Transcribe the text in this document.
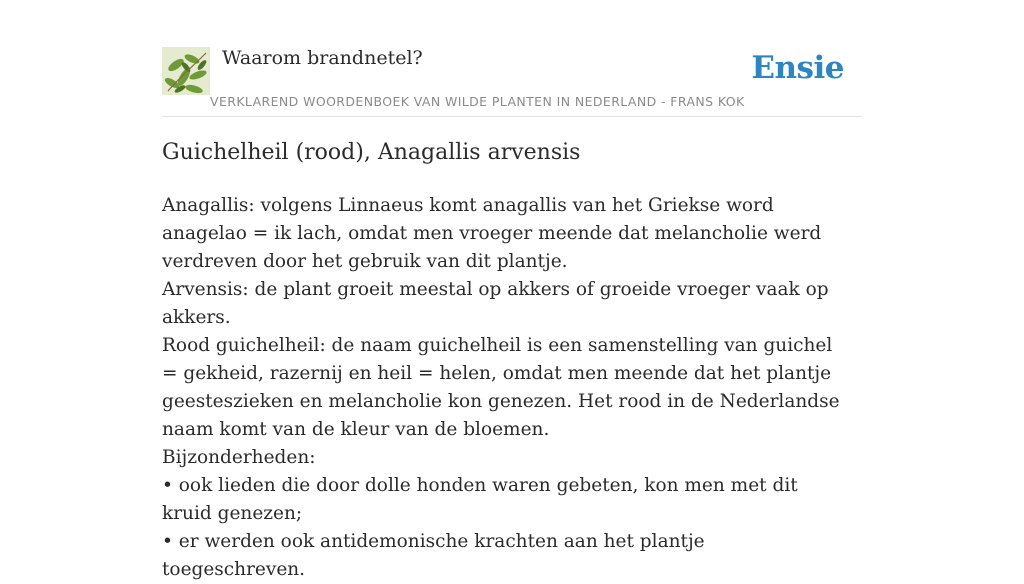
Waarom brandnetel?	Ensie
VERKLAREND WOORDENBOEK VAN WILDE PLANTEN IN NEDERLAND - FRANS KOK
Guichelheil (rood), Anagallis arvensis

Anagallis: volgens Linnaeus komt anagallis van het Griekse word anagelao = ik lach, omdat men vroeger meende dat melancholie werd verdreven door het gebruik van dit plantje.

Arvensis: de plant groeit meestal op akkers of groeide vroeger vaak op akkers.

Rood guichelheil: de naam guichelheil is een samenstelling van guichel = gekheid, razernij en heil = helen, omdat men meende dat het plantje geesteszieken en melancholie kon genezen. Het rood in de Nederlandse naam komt van de kleur van de bloemen.

Bijzonderheden:

• ook lieden die door dolle honden waren gebeten, kon men met dit kruid genezen;

• er werden ook antidemonische krachten aan het plantje toegeschreven.
